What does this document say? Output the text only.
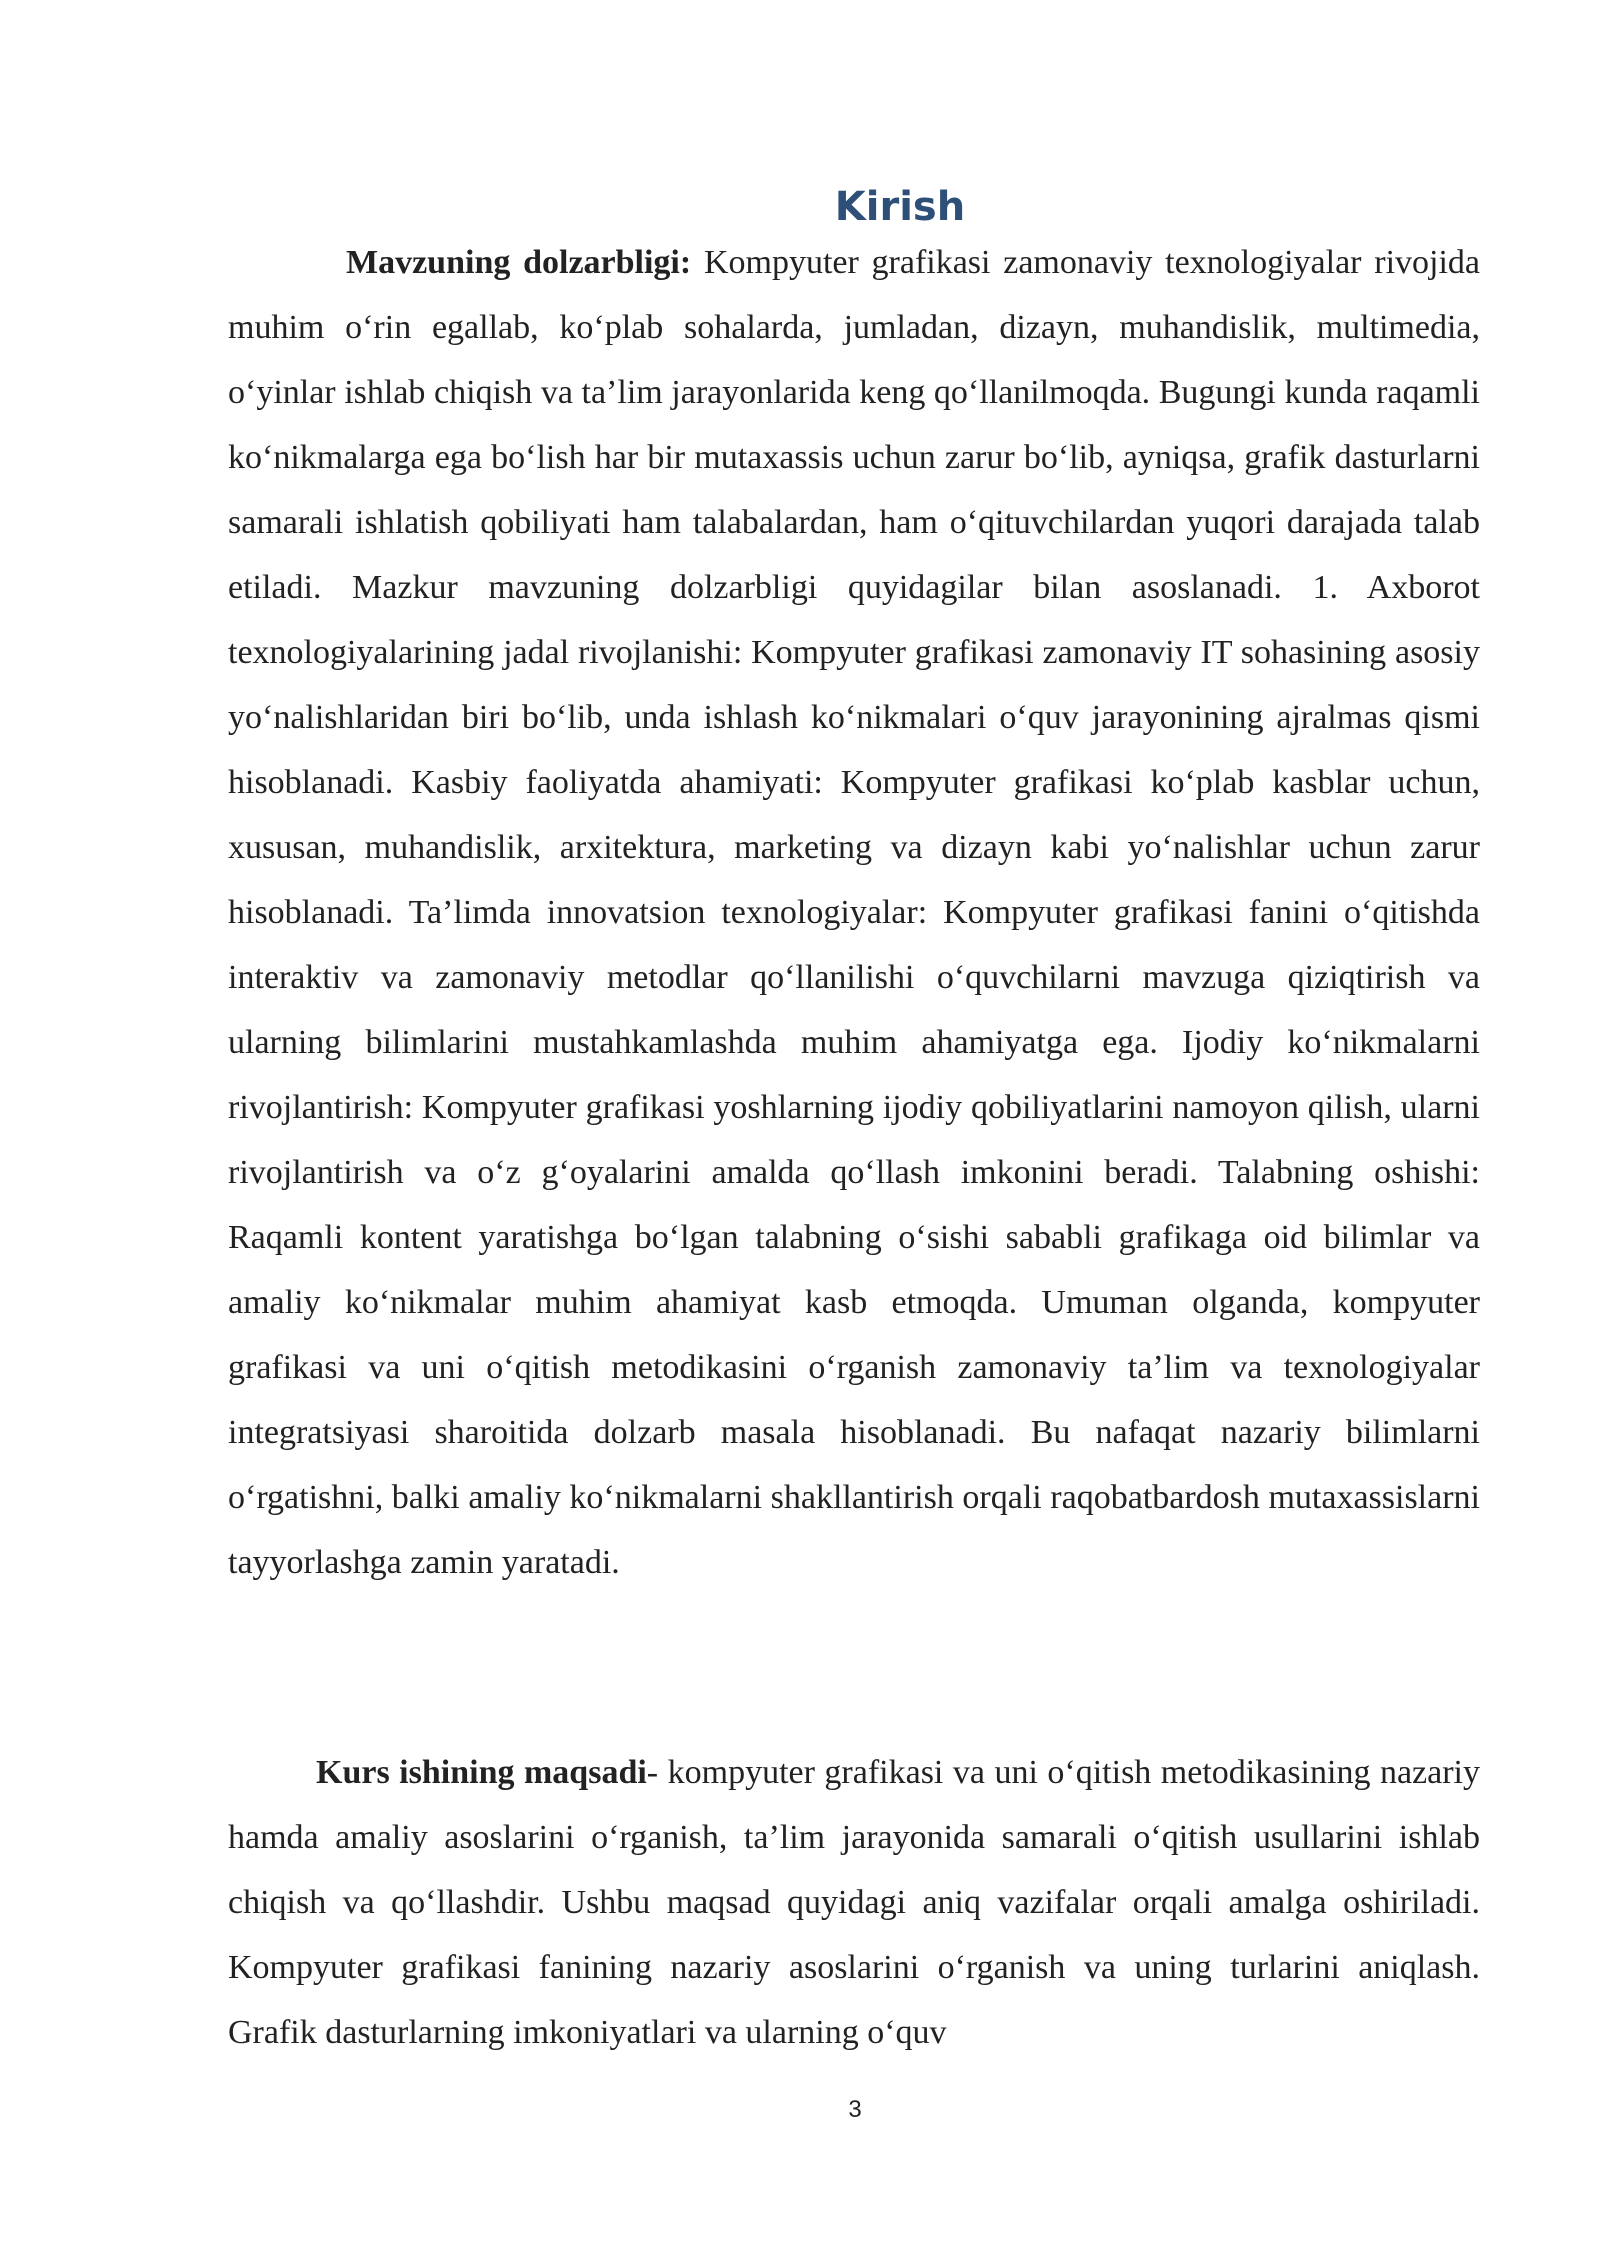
Kirish

Mavzuning dolzarbligi: Kompyuter grafikasi zamonaviy texnologiyalar rivojida muhim o‘rin egallab, ko‘plab sohalarda, jumladan, dizayn, muhandislik, multimedia, o‘yinlar ishlab chiqish va ta’lim jarayonlarida keng qo‘llanilmoqda. Bugungi kunda raqamli ko‘nikmalarga ega bo‘lish har bir mutaxassis uchun zarur bo‘lib, ayniqsa, grafik dasturlarni samarali ishlatish qobiliyati ham talabalardan, ham o‘qituvchilardan yuqori darajada talab etiladi. Mazkur mavzuning dolzarbligi quyidagilar bilan asoslanadi. 1. Axborot texnologiyalarining jadal rivojlanishi: Kompyuter grafikasi zamonaviy IT sohasining asosiy yo‘nalishlaridan biri bo‘lib, unda ishlash ko‘nikmalari o‘quv jarayonining ajralmas qismi hisoblanadi. Kasbiy faoliyatda ahamiyati: Kompyuter grafikasi ko‘plab kasblar uchun, xususan, muhandislik, arxitektura, marketing va dizayn kabi yo‘nalishlar uchun zarur hisoblanadi. Ta’limda innovatsion texnologiyalar: Kompyuter grafikasi fanini o‘qitishda interaktiv va zamonaviy metodlar qo‘llanilishi o‘quvchilarni mavzuga qiziqtirish va ularning bilimlarini mustahkamlashda muhim ahamiyatga ega. Ijodiy ko‘nikmalarni rivojlantirish: Kompyuter grafikasi yoshlarning ijodiy qobiliyatlarini namoyon qilish, ularni rivojlantirish va o‘z g‘oyalarini amalda qo‘llash imkonini beradi. Talabning oshishi: Raqamli kontent yaratishga bo‘lgan talabning o‘sishi sababli grafikaga oid bilimlar va amaliy ko‘nikmalar muhim ahamiyat kasb etmoqda. Umuman olganda, kompyuter grafikasi va uni o‘qitish metodikasini o‘rganish zamonaviy ta’lim va texnologiyalar integratsiyasi sharoitida dolzarb masala hisoblanadi. Bu nafaqat nazariy bilimlarni o‘rgatishni, balki amaliy ko‘nikmalarni shakllantirish orqali raqobatbardosh mutaxassislarni tayyorlashga zamin yaratadi.

Kurs ishining maqsadi- kompyuter grafikasi va uni o‘qitish metodikasining nazariy hamda amaliy asoslarini o‘rganish, ta’lim jarayonida samarali o‘qitish usullarini ishlab chiqish va qo‘llashdir. Ushbu maqsad quyidagi aniq vazifalar orqali amalga oshiriladi. Kompyuter grafikasi fanining nazariy asoslarini o‘rganish va uning turlarini aniqlash. Grafik dasturlarning imkoniyatlari va ularning o‘quv

3
